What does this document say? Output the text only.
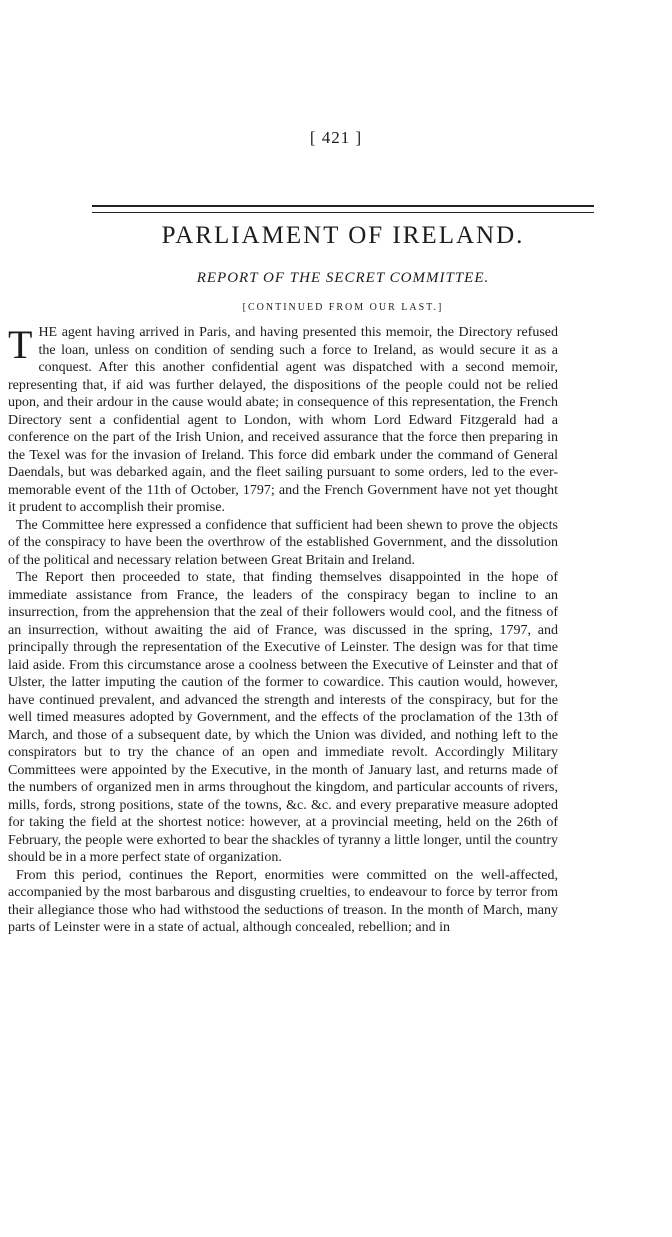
[ 421 ]
PARLIAMENT OF IRELAND.
REPORT OF THE SECRET COMMITTEE.
[CONTINUED FROM OUR LAST.]

THE agent having arrived in Paris, and having presented this memoir, the Directory refused the loan, unless on condition of sending such a force to Ireland, as would secure it as a conquest. After this another confidential agent was dispatched with a second memoir, representing that, if aid was further delayed, the dispositions of the people could not be relied upon, and their ardour in the cause would abate; in consequence of this representation, the French Directory sent a confidential agent to London, with whom Lord Edward Fitzgerald had a conference on the part of the Irish Union, and received assurance that the force then preparing in the Texel was for the invasion of Ireland. This force did embark under the command of General Daendals, but was debarked again, and the fleet sailing pursuant to some orders, led to the ever-memorable event of the 11th of October, 1797; and the French Government have not yet thought it prudent to accomplish their promise.

The Committee here expressed a confidence that sufficient had been shewn to prove the objects of the conspiracy to have been the overthrow of the established Government, and the dissolution of the political and necessary relation between Great Britain and Ireland.

The Report then proceeded to state, that finding themselves disappointed in the hope of immediate assistance from France, the leaders of the conspiracy began to incline to an insurrection, from the apprehension that the zeal of their followers would cool, and the fitness of an insurrection, without awaiting the aid of France, was discussed in the spring, 1797, and principally through the representation of the Executive of Leinster. The design was for that time laid aside. From this circumstance arose a coolness between the Executive of Leinster and that of Ulster, the latter imputing the caution of the former to cowardice. This caution would, however, have continued prevalent, and advanced the strength and interests of the conspiracy, but for the well timed measures adopted by Government, and the effects of the proclamation of the 13th of March, and those of a subsequent date, by which the Union was divided, and nothing left to the conspirators but to try the chance of an open and immediate revolt. Accordingly Military Committees were appointed by the Executive, in the month of January last, and returns made of the numbers of organized men in arms throughout the kingdom, and particular accounts of rivers, mills, fords, strong positions, state of the towns, &c. &c. and every preparative measure adopted for taking the field at the shortest notice: however, at a provincial meeting, held on the 26th of February, the people were exhorted to bear the shackles of tyranny a little longer, until the country should be in a more perfect state of organization.

From this period, continues the Report, enormities were committed on the well-affected, accompanied by the most barbarous and disgusting cruelties, to endeavour to force by terror from their allegiance those who had withstood the seductions of treason. In the month of March, many parts of Leinster were in a state of actual, although concealed, rebellion; and in
